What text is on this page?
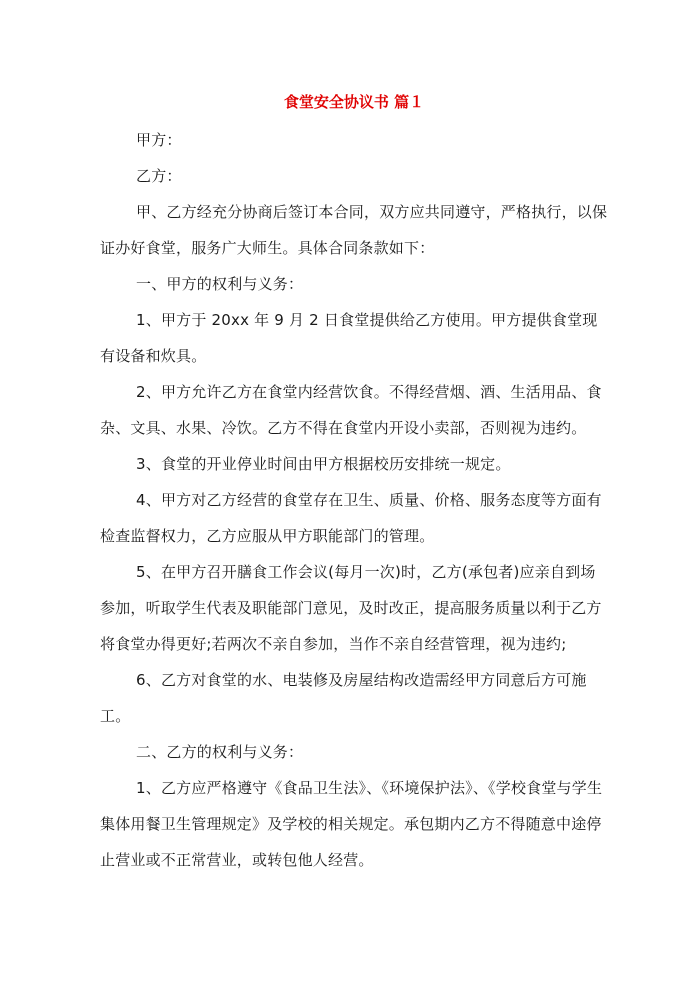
食堂安全协议书 篇１

甲方：

乙方：

甲、乙方经充分协商后签订本合同，双方应共同遵守，严格执行，以保证办好食堂，服务广大师生。具体合同条款如下：

一、甲方的权利与义务：

1、甲方于 20xx 年 9 月 2 日食堂提供给乙方使用。甲方提供食堂现有设备和炊具。

2、甲方允许乙方在食堂内经营饮食。不得经营烟、酒、生活用品、食杂、文具、水果、冷饮。乙方不得在食堂内开设小卖部，否则视为违约。

3、食堂的开业停业时间由甲方根据校历安排统一规定。

4、甲方对乙方经营的食堂存在卫生、质量、价格、服务态度等方面有检查监督权力，乙方应服从甲方职能部门的管理。

5、在甲方召开膳食工作会议(每月一次)时，乙方(承包者)应亲自到场参加，听取学生代表及职能部门意见，及时改正，提高服务质量以利于乙方将食堂办得更好;若两次不亲自参加，当作不亲自经营管理，视为违约;

6、乙方对食堂的水、电装修及房屋结构改造需经甲方同意后方可施工。

二、乙方的权利与义务：

1、乙方应严格遵守《食品卫生法》、《环境保护法》、《学校食堂与学生集体用餐卫生管理规定》及学校的相关规定。承包期内乙方不得随意中途停止营业或不正常营业，或转包他人经营。
